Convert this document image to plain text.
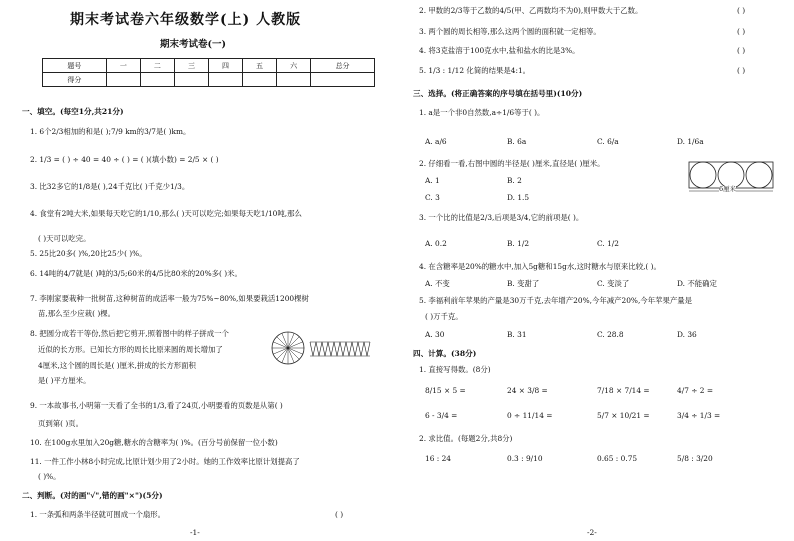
期末考试卷六年级数学(上) 人教版
期末考试卷(一)
题号	一	二	三	四	五	六	总分
得分							
一、填空。(每空1分,共21分)
1. 6个2/3相加的和是( );7/9 km的3/7是( )km。
2. 1/3 = ( ) ÷ 40 = 40 ÷ ( ) = ( )(填小数) = 2/5 × ( )
3. 比32多它的1/8是( ),24千克比( )千克少1/3。
4. 食堂有2吨大米,如果每天吃它的1/10,那么( )天可以吃完;如果每天吃1/10吨,那么
( )天可以吃完。
5. 25比20多( )%,20比25少( )%。
6. 14吨的4/7就是( )吨的3/5;60米的4/5比80米的20%多( )米。
7. 李刚家要栽种一批树苗,这种树苗的成活率一般为75%~80%,如果要栽活1200棵树
苗,那么至少应栽( )棵。
8. 把圆分成若干等份,然后把它剪开,照着图中的样子拼成一个
近似的长方形。已知长方形的周长比原来圆的周长增加了
4厘米,这个圆的周长是( )厘米,拼成的长方形面积
是( )平方厘米。
9. 一本故事书,小明第一天看了全书的1/3,看了24页,小明要看的页数是从第( )
页到第( )页。
10. 在100g水里加入20g糖,糖水的含糖率为( )%。(百分号前保留一位小数)
11. 一件工作小林8小时完成,比原计划少用了2小时。她的工作效率比原计划提高了
( )%。
二、判断。(对的画"√",错的画"×")(5分)
1. 一条弧和两条半径就可围成一个扇形。	( )
-1-
2. 甲数的2/3等于乙数的4/5(甲、乙两数均不为0),则甲数大于乙数。	( )
3. 两个圆的周长相等,那么这两个圆的面积就一定相等。	( )
4. 将3克盐溶于100克水中,盐和盐水的比是3%。	( )
5. 1/3 : 1/12 化简的结果是4:1。	( )
三、选择。(将正确答案的序号填在括号里)(10分)
1. a是一个非0自然数,a÷1/6等于( )。
A. a/6	B. 6a	C. 6/a	D. 1/6a
2. 仔细看一看,右图中圆的半径是( )厘米,直径是( )厘米。
A. 1	B. 2
C. 3	D. 1.5
6厘米
3. 一个比的比值是2/3,后项是3/4,它的前项是( )。
A. 0.2	B. 1/2	C. 1/2
4. 在含糖率是20%的糖水中,加入5g糖和15g水,这时糖水与原来比较,( )。
A. 不变	B. 变甜了	C. 变淡了	D. 不能确定
5. 李福利前年苹果的产量是30万千克,去年增产20%,今年减产20%,今年苹果产量是
( )万千克。
A. 30	B. 31	C. 28.8	D. 36
四、计算。(38分)
1. 直接写得数。(8分)
8/15 × 5 =	24 × 3/8 =	7/18 × 7/14 =	4/7 ÷ 2 =
6 - 3/4 =	0 ÷ 11/14 =	5/7 × 10/21 =	3/4 ÷ 1/3 =
2. 求比值。(每题2分,共8分)
16 : 24	0.3 : 9/10	0.65 : 0.75	5/8 : 3/20
-2-
